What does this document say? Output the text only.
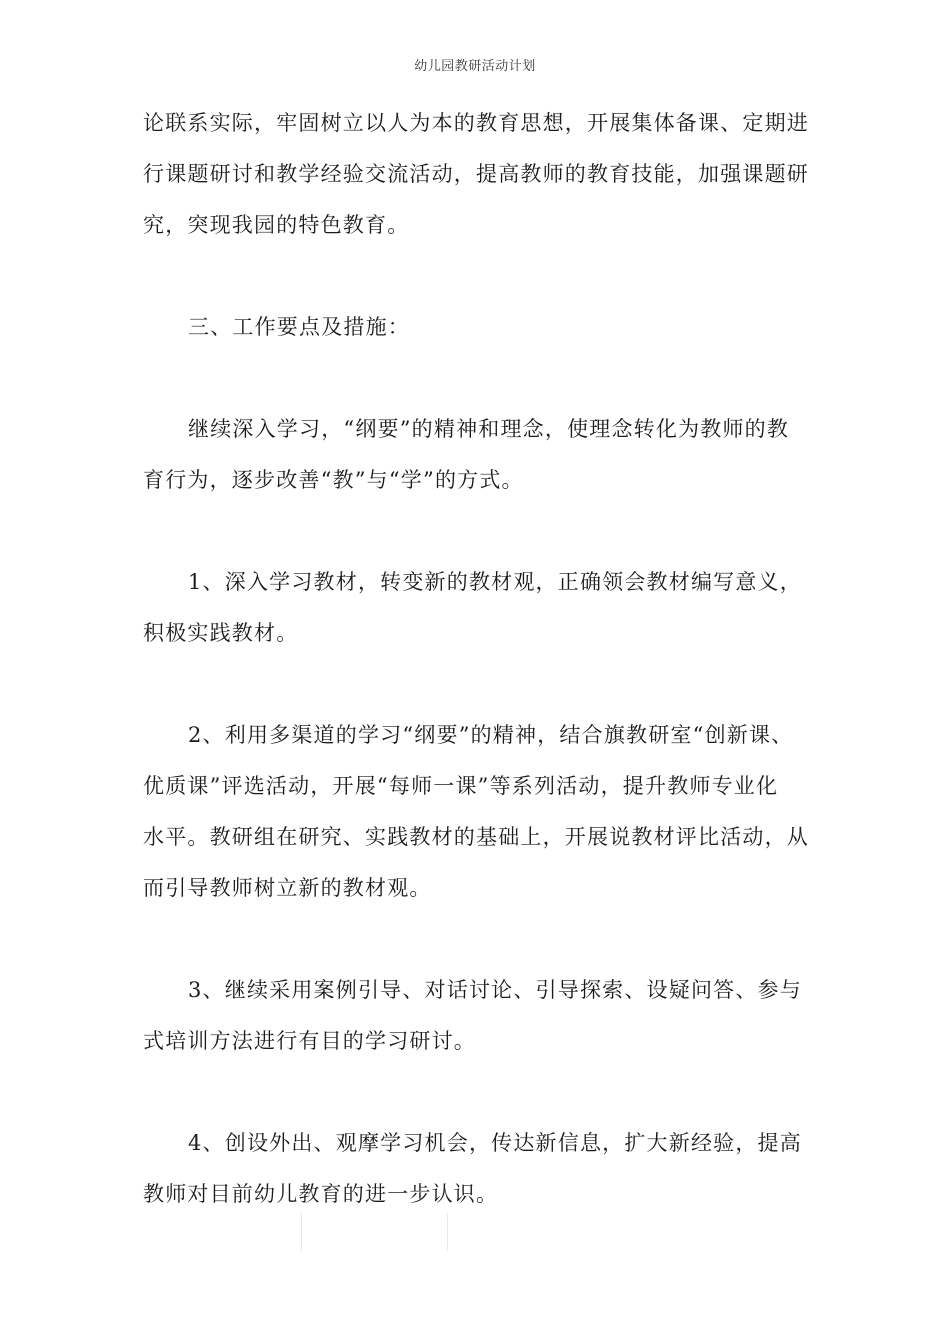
幼儿园教研活动计划

论联系实际，牢固树立以人为本的教育思想，开展集体备课、定期进
行课题研讨和教学经验交流活动，提高教师的教育技能，加强课题研
究，突现我园的特色教育。

三、工作要点及措施：

继续深入学习，“纲要”的精神和理念，使理念转化为教师的教
育行为，逐步改善“教”与“学”的方式。

1、深入学习教材，转变新的教材观，正确领会教材编写意义，
积极实践教材。

2、利用多渠道的学习“纲要”的精神，结合旗教研室“创新课、
优质课”评选活动，开展“每师一课”等系列活动，提升教师专业化
水平。教研组在研究、实践教材的基础上，开展说教材评比活动，从
而引导教师树立新的教材观。

3、继续采用案例引导、对话讨论、引导探索、设疑问答、参与
式培训方法进行有目的学习研讨。

4、创设外出、观摩学习机会，传达新信息，扩大新经验，提高
教师对目前幼儿教育的进一步认识。
